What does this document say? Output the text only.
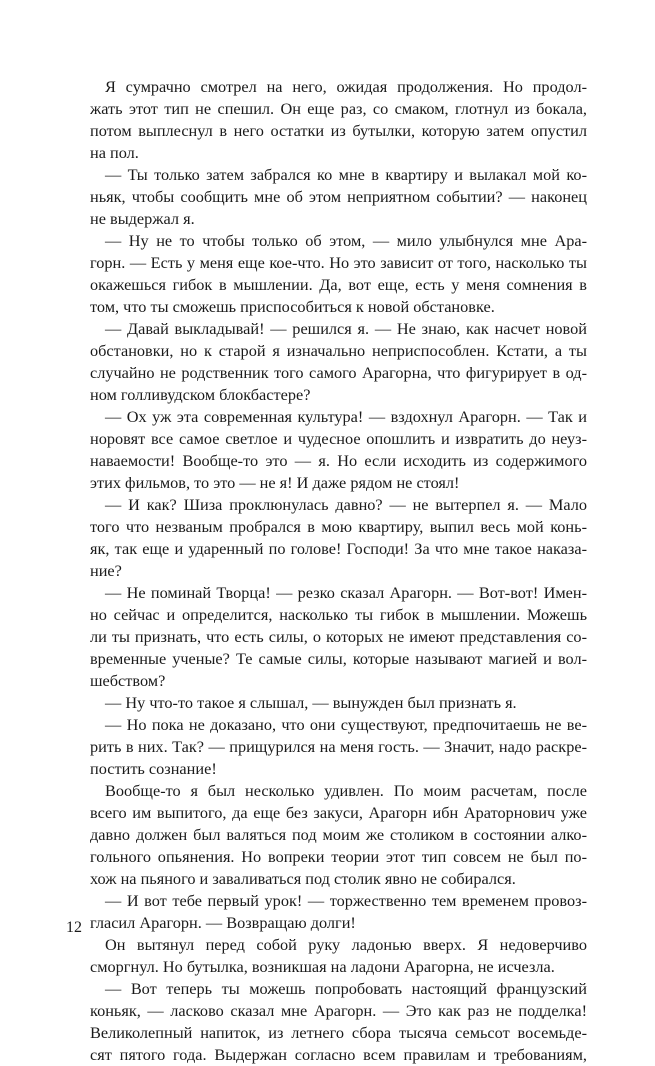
Я сумрачно смотрел на него, ожидая продолжения. Но продол-
жать этот тип не спешил. Он еще раз, со смаком, глотнул из бокала,
потом выплеснул в него остатки из бутылки, которую затем опустил
на пол.
— Ты только затем забрался ко мне в квартиру и вылакал мой ко-
ньяк, чтобы сообщить мне об этом неприятном событии? — наконец
не выдержал я.
— Ну не то чтобы только об этом, — мило улыбнулся мне Ара-
горн. — Есть у меня еще кое-что. Но это зависит от того, насколько ты
окажешься гибок в мышлении. Да, вот еще, есть у меня сомнения в
том, что ты сможешь приспособиться к новой обстановке.
— Давай выкладывай! — решился я. — Не знаю, как насчет новой
обстановки, но к старой я изначально неприспособлен. Кстати, а ты
случайно не родственник того самого Арагорна, что фигурирует в од-
ном голливудском блокбастере?
— Ох уж эта современная культура! — вздохнул Арагорн. — Так и
норовят все самое светлое и чудесное опошлить и извратить до неуз-
наваемости! Вообще-то это — я. Но если исходить из содержимого
этих фильмов, то это — не я! И даже рядом не стоял!
— И как? Шиза проклюнулась давно? — не вытерпел я. — Мало
того что незваным пробрался в мою квартиру, выпил весь мой конь-
як, так еще и ударенный по голове! Господи! За что мне такое наказа-
ние?
— Не поминай Творца! — резко сказал Арагорн. — Вот-вот! Имен-
но сейчас и определится, насколько ты гибок в мышлении. Можешь
ли ты признать, что есть силы, о которых не имеют представления со-
временные ученые? Те самые силы, которые называют магией и вол-
шебством?
— Ну что-то такое я слышал, — вынужден был признать я.
— Но пока не доказано, что они существуют, предпочитаешь не ве-
рить в них. Так? — прищурился на меня гость. — Значит, надо раскре-
постить сознание!
Вообще-то я был несколько удивлен. По моим расчетам, после
всего им выпитого, да еще без закуси, Арагорн ибн Араторнович уже
давно должен был валяться под моим же столиком в состоянии алко-
гольного опьянения. Но вопреки теории этот тип совсем не был по-
хож на пьяного и заваливаться под столик явно не собирался.
— И вот тебе первый урок! — торжественно тем временем провоз-
гласил Арагорн. — Возвращаю долги!
Он вытянул перед собой руку ладонью вверх. Я недоверчиво
сморгнул. Но бутылка, возникшая на ладони Арагорна, не исчезла.
— Вот теперь ты можешь попробовать настоящий французский
коньяк, — ласково сказал мне Арагорн. — Это как раз не подделка!
Великолепный напиток, из летнего сбора тысяча семьсот восемьде-
сят пятого года. Выдержан согласно всем правилам и требованиям,
12
